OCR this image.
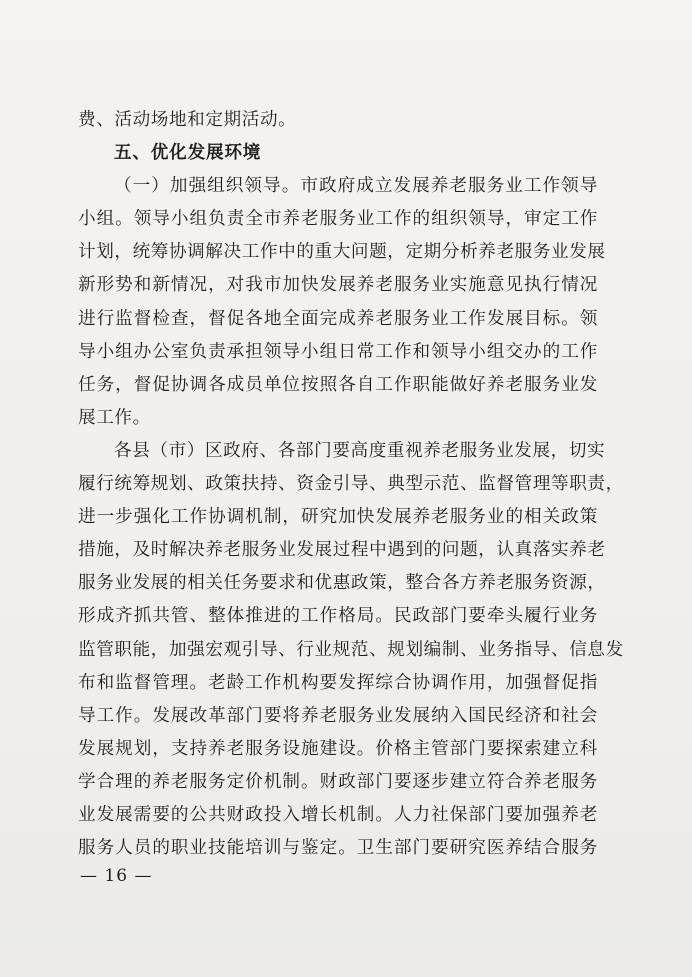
费、活动场地和定期活动。
五、优化发展环境
（一）加强组织领导。市政府成立发展养老服务业工作领导
小组。领导小组负责全市养老服务业工作的组织领导，审定工作
计划，统筹协调解决工作中的重大问题，定期分析养老服务业发展
新形势和新情况，对我市加快发展养老服务业实施意见执行情况
进行监督检查，督促各地全面完成养老服务业工作发展目标。领
导小组办公室负责承担领导小组日常工作和领导小组交办的工作
任务，督促协调各成员单位按照各自工作职能做好养老服务业发
展工作。
各县（市）区政府、各部门要高度重视养老服务业发展，切实
履行统筹规划、政策扶持、资金引导、典型示范、监督管理等职责，
进一步强化工作协调机制，研究加快发展养老服务业的相关政策
措施，及时解决养老服务业发展过程中遇到的问题，认真落实养老
服务业发展的相关任务要求和优惠政策，整合各方养老服务资源，
形成齐抓共管、整体推进的工作格局。民政部门要牵头履行业务
监管职能，加强宏观引导、行业规范、规划编制、业务指导、信息发
布和监督管理。老龄工作机构要发挥综合协调作用，加强督促指
导工作。发展改革部门要将养老服务业发展纳入国民经济和社会
发展规划，支持养老服务设施建设。价格主管部门要探索建立科
学合理的养老服务定价机制。财政部门要逐步建立符合养老服务
业发展需要的公共财政投入增长机制。人力社保部门要加强养老
服务人员的职业技能培训与鉴定。卫生部门要研究医养结合服务
— 16 —
